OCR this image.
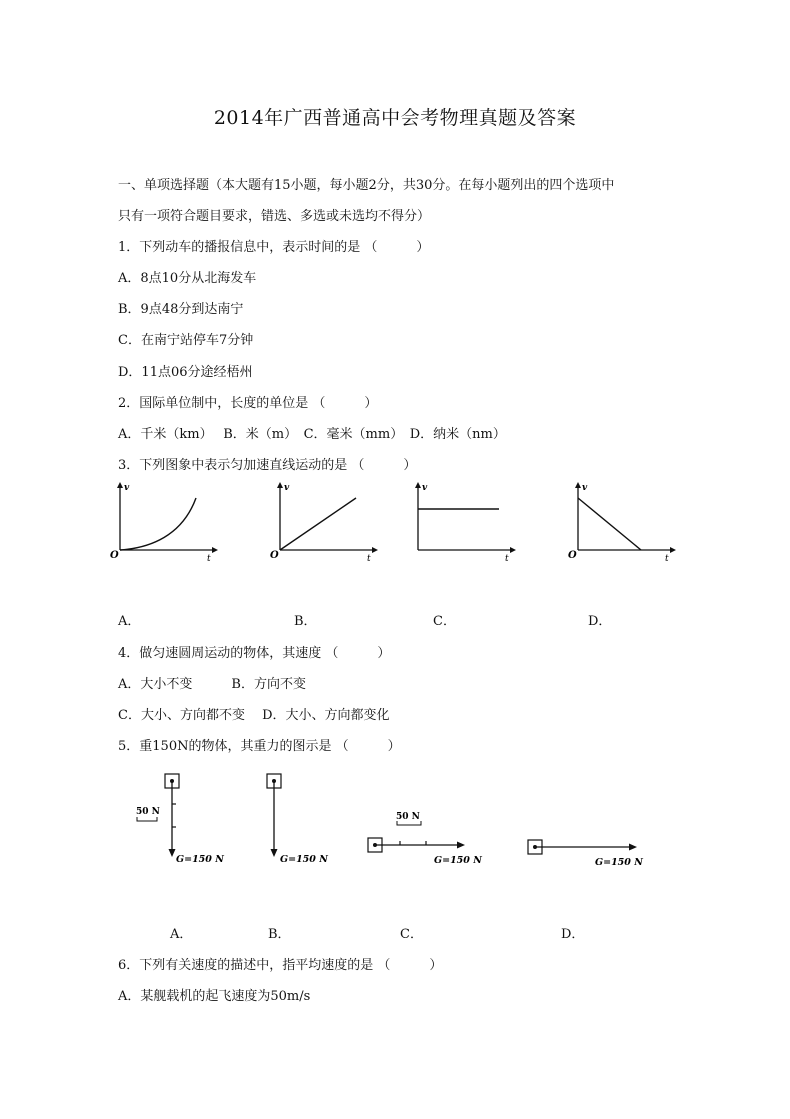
2014年广西普通高中会考物理真题及答案
一、单项选择题（本大题有15小题，每小题2分，共30分。在每小题列出的四个选项中
只有一项符合题目要求，错选、多选或未选均不得分）
1．下列动车的播报信息中，表示时间的是 （　　　）
A．8点10分从北海发车
B．9点48分到达南宁
C．在南宁站停车7分钟
D．11点06分途经梧州
2．国际单位制中，长度的单位是 （　　　）
A．千米（km）　 B．米（m）　C．毫米（mm）　D．纳米（nm）
3．下列图象中表示匀加速直线运动的是 （　　　）
v
O	t
v
O	t
v
t
v
O	t
A．	B．	C．	D．
4．做匀速圆周运动的物体，其速度 （　　　）
A．大小不变　　　B．方向不变
C．大小、方向都不变　 D．大小、方向都变化
5．重150N的物体，其重力的图示是 （　　　）
50 N
G=150 N	G=150 N
50 N
G=150 N	G=150 N
A．	B．	C．	D．
6．下列有关速度的描述中，指平均速度的是 （　　　）
A．某舰载机的起飞速度为50m/s
